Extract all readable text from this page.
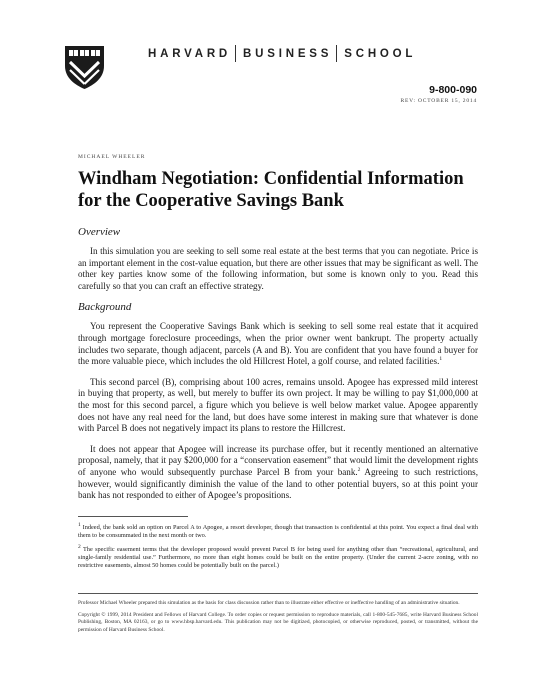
HARVARD BUSINESS SCHOOL
9-800-090
REV: OCTOBER 15, 2014
MICHAEL WHEELER
Windham Negotiation: Confidential Information
for the Cooperative Savings Bank
Overview

In this simulation you are seeking to sell some real estate at the best terms that you can negotiate. Price is an important element in the cost-value equation, but there are other issues that may be significant as well. The other key parties know some of the following information, but some is known only to you. Read this carefully so that you can craft an effective strategy.

Background

You represent the Cooperative Savings Bank which is seeking to sell some real estate that it acquired through mortgage foreclosure proceedings, when the prior owner went bankrupt. The property actually includes two separate, though adjacent, parcels (A and B). You are confident that you have found a buyer for the more valuable piece, which includes the old Hillcrest Hotel, a golf course, and related facilities.$^1$

This second parcel (B), comprising about 100 acres, remains unsold. Apogee has expressed mild interest in buying that property, as well, but merely to buffer its own project. It may be willing to pay $1,000,000 at the most for this second parcel, a figure which you believe is well below market value. Apogee apparently does not have any real need for the land, but does have some interest in making sure that whatever is done with Parcel B does not negatively impact its plans to restore the Hillcrest.

It does not appear that Apogee will increase its purchase offer, but it recently mentioned an alternative proposal, namely, that it pay $200,000 for a “conservation easement” that would limit the development rights of anyone who would subsequently purchase Parcel B from your bank.$^2$ Agreeing to such restrictions, however, would significantly diminish the value of the land to other potential buyers, so at this point your bank has not responded to either of Apogee’s propositions.

$^1$ Indeed, the bank sold an option on Parcel A to Apogee, a resort developer, though that transaction is confidential at this point. You expect a final deal with them to be consummated in the next month or two.

$^2$ The specific easement terms that the developer proposed would prevent Parcel B for being used for anything other than “recreational, agricultural, and single-family residential use.” Furthermore, no more than eight homes could be built on the entire property. (Under the current 2-acre zoning, with no restrictive easements, almost 50 homes could be potentially built on the parcel.)

Professor Michael Wheeler prepared this simulation as the basis for class discussion rather than to illustrate either effective or ineffective handling of an administrative situation.

Copyright © 1999, 2014 President and Fellows of Harvard College. To order copies or request permission to reproduce materials, call 1-800-545-7685, write Harvard Business School Publishing, Boston, MA 02163, or go to www.hbsp.harvard.edu. This publication may not be digitized, photocopied, or otherwise reproduced, posted, or transmitted, without the permission of Harvard Business School.
